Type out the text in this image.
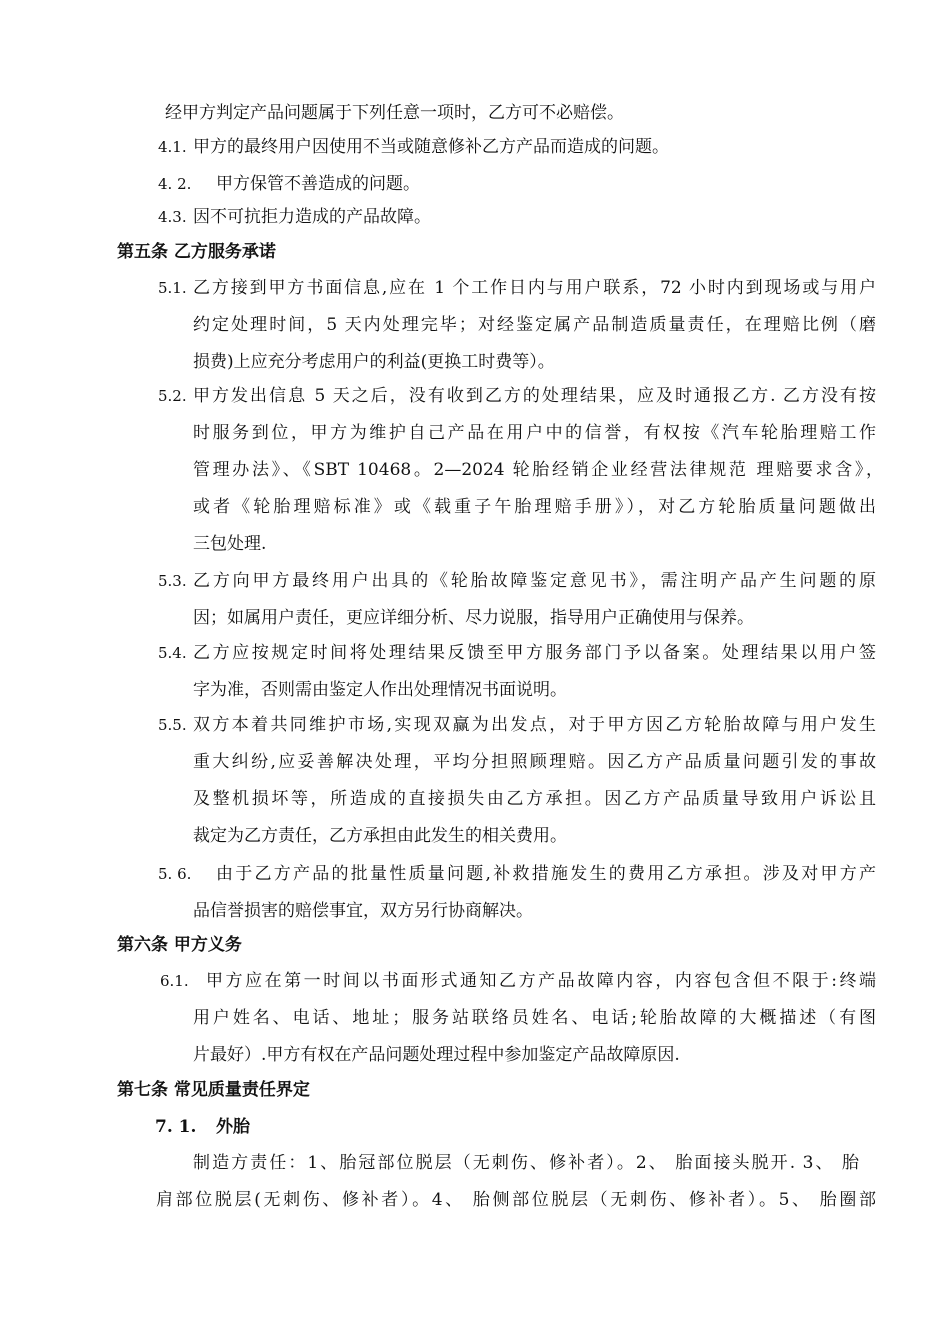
经甲方判定产品问题属于下列任意一项时，乙方可不必赔偿。
4.1. 甲方的最终用户因使用不当或随意修补乙方产品而造成的问题。
4. 2. 甲方保管不善造成的问题。
4.3. 因不可抗拒力造成的产品故障。
第五条 乙方服务承诺
5.1. 乙方接到甲方书面信息,应在 1 个工作日内与用户联系，72 小时内到现场或与用户
约定处理时间，5 天内处理完毕；对经鉴定属产品制造质量责任，在理赔比例（磨
损费)上应充分考虑用户的利益(更换工时费等）。
5.2. 甲方发出信息 5 天之后，没有收到乙方的处理结果，应及时通报乙方. 乙方没有按
时服务到位，甲方为维护自己产品在用户中的信誉，有权按《汽车轮胎理赔工作
管理办法》、《SBT 10468。2—2024 轮胎经销企业经营法律规范 理赔要求含》，
或者《轮胎理赔标准》或《载重子午胎理赔手册》），对乙方轮胎质量问题做出
三包处理.
5.3. 乙方向甲方最终用户出具的《轮胎故障鉴定意见书》，需注明产品产生问题的原
因；如属用户责任，更应详细分析、尽力说服，指导用户正确使用与保养。
5.4. 乙方应按规定时间将处理结果反馈至甲方服务部门予以备案。处理结果以用户签
字为准，否则需由鉴定人作出处理情况书面说明。
5.5. 双方本着共同维护市场,实现双赢为出发点，对于甲方因乙方轮胎故障与用户发生
重大纠纷,应妥善解决处理，平均分担照顾理赔。因乙方产品质量问题引发的事故
及整机损坏等，所造成的直接损失由乙方承担。因乙方产品质量导致用户诉讼且
裁定为乙方责任，乙方承担由此发生的相关费用。
5. 6. 由于乙方产品的批量性质量问题,补救措施发生的费用乙方承担。涉及对甲方产
品信誉损害的赔偿事宜，双方另行协商解决。
第六条 甲方义务
6.1. 甲方应在第一时间以书面形式通知乙方产品故障内容，内容包含但不限于:终端
用户姓名、电话、地址；服务站联络员姓名、电话;轮胎故障的大概描述（有图
片最好）.甲方有权在产品问题处理过程中参加鉴定产品故障原因.
第七条 常见质量责任界定
7. 1. 外胎
制造方责任：1、胎冠部位脱层（无刺伤、修补者）。2、 胎面接头脱开. 3、 胎
肩部位脱层(无刺伤、修补者）。4、 胎侧部位脱层（无刺伤、修补者）。5、 胎圈部
